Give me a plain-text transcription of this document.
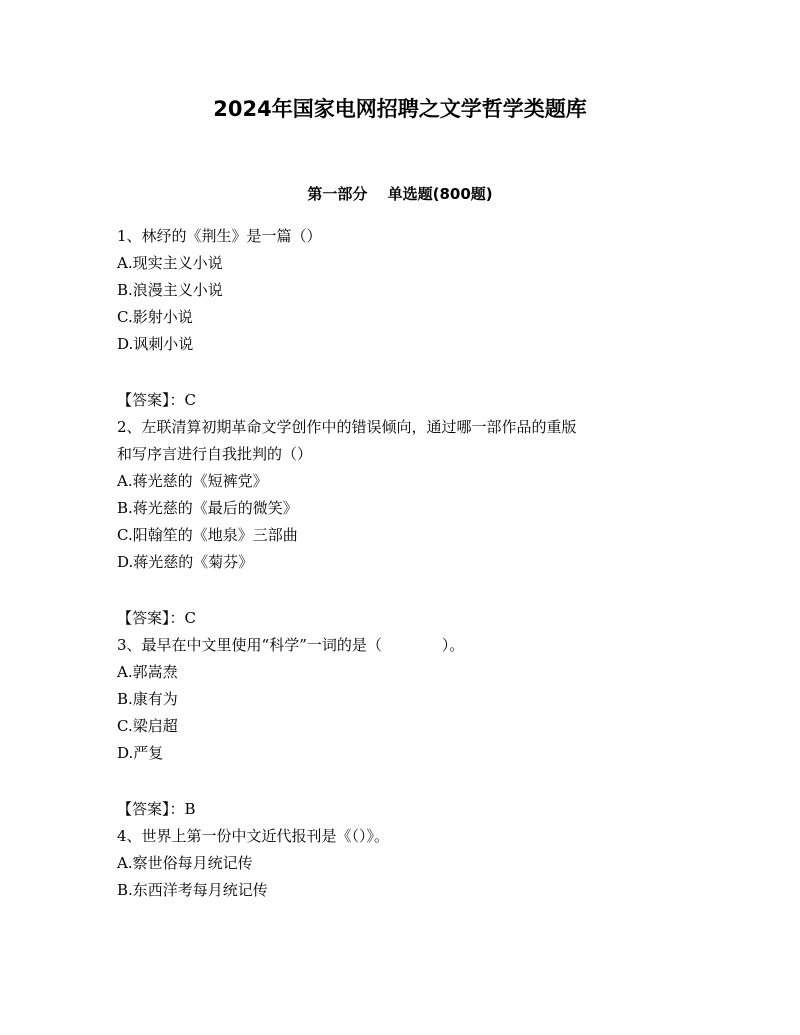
2024年国家电网招聘之文学哲学类题库
第一部分　 单选题(800题)

1、林纾的《荆生》是一篇（）

A.现实主义小说

B.浪漫主义小说

C.影射小说

D.讽刺小说

【答案】：C

2、左联清算初期革命文学创作中的错误倾向，通过哪一部作品的重版

和写序言进行自我批判的（）

A.蒋光慈的《短裤党》

B.蒋光慈的《最后的微笑》

C.阳翰笙的《地泉》三部曲

D.蒋光慈的《菊芬》

【答案】：C

3、最早在中文里使用“科学”一词的是（　　　　）。

A.郭嵩焘

B.康有为

C.梁启超

D.严复

【答案】：B

4、世界上第一份中文近代报刊是《（）》。

A.察世俗每月统记传

B.东西洋考每月统记传
